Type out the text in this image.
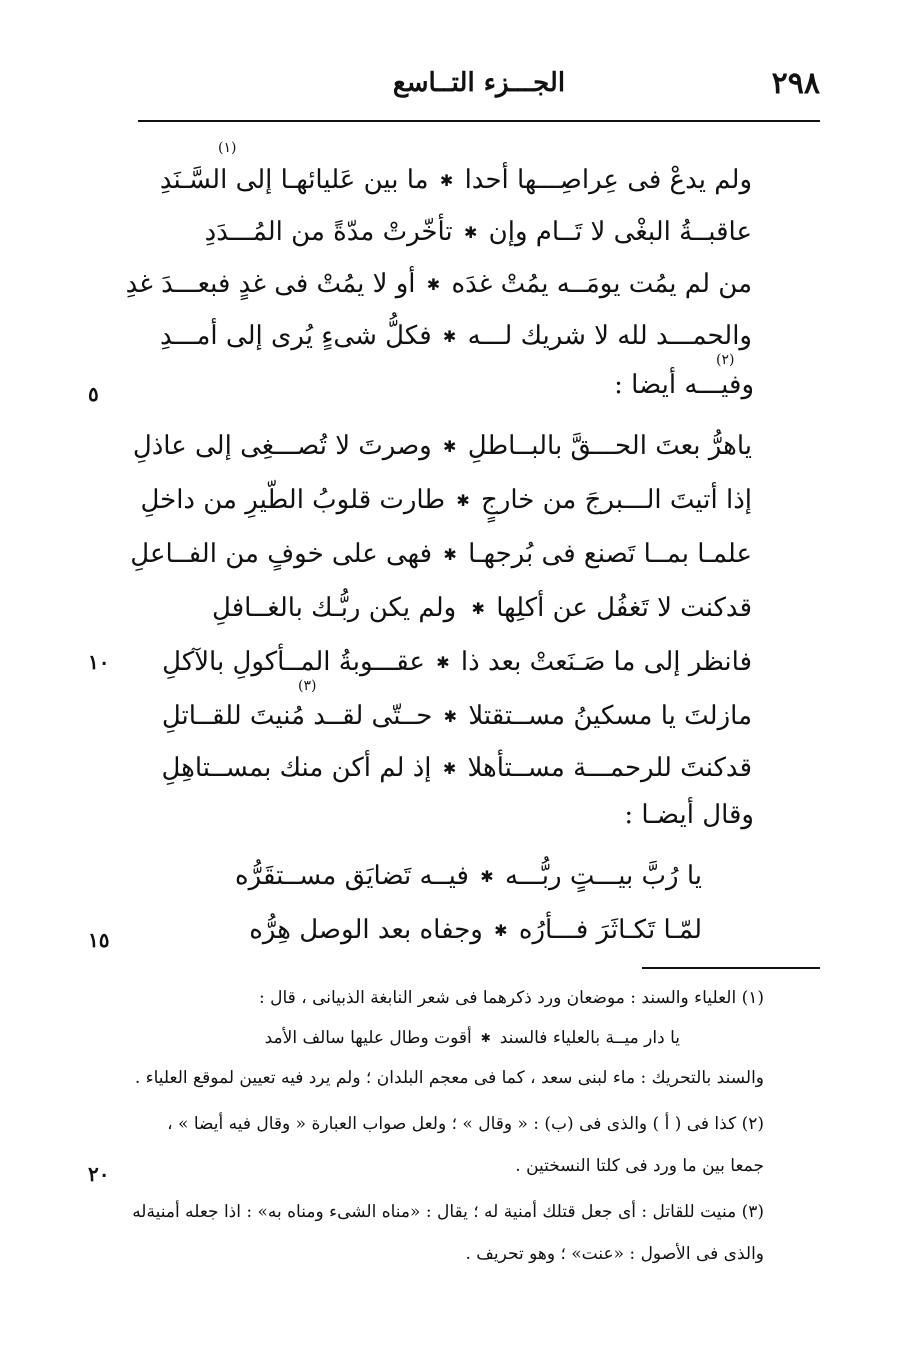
٢٩٨
الجـــزء التــاسع
(١)
ولم يدعْ فى عِراصِـــها أحدا
✱
ما بين عَليائهـا إلى السَّـنَدِ
عاقبــةُ البغْى لا تَــام وإن
✱
تأخّرتْ مدّةً من المُـــدَدِ
من لم يمُت يومَــه يمُتْ غدَه
✱
أو لا يمُتْ فى غدٍ فبعـــدَ غدِ
والحمـــد لله لا شريك لـــه
✱
فكلُّ شىءٍ يُرى إلى أمـــدِ
(٢)
وفيـــه أيضا :
ياهرُّ بعتَ الحـــقَّ بالبــاطلِ
✱
وصرتَ لا تُصـــغِى إلى عاذلِ
إذا أتيتَ الـــبرجَ من خارجٍ
✱
طارت قلوبُ الطّيرِ من داخلِ
علمـا بمــا تَصنع فى بُرجهـا
✱
فهى على خوفٍ من الفــاعلِ
قدكنت لا تَغفُل عن أكلِها
✱
ولم يكن ربُّـك بالغــافلِ
فانظر إلى ما صَـنَعتْ بعد ذا
✱
عقـــوبةُ المــأكولِ بالآكلِ
(٣)
مازلتَ يا مسكينُ مســتقتلا
✱
حــتّى لقــد مُنيتَ للقــاتلِ
قدكنتَ للرحمـــة مســتأهلا
✱
إذ لم أكن منك بمســتاهِلِ
وقال أيضـا :
يا رُبَّ بيـــتٍ ربُّـــه
✱
فيــه تَضايَق مســتقَرُّه
لمّـا تَكـاثَرَ فـــأرُه
✱
وجفاه بعد الوصل هِرُّه
٥
١٠
١٥
٢٠
(١) العلياء والسند : موضعان ورد ذكرهما فى شعر النابغة الذبيانى ، قال :
يا دار ميــة بالعلياء فالسند
✱
أقوت وطال عليها سالف الأمد
والسند بالتحريك : ماء لبنى سعد ، كما فى معجم البلدان ؛ ولم يرد فيه تعيين لموقع العلياء .
(٢) كذا فى ( أ ) والذى فى (ب) : « وقال » ؛ ولعل صواب العبارة « وقال فيه أيضا » ،
جمعا بين ما ورد فى كلتا النسختين .
(٣) منيت للقاتل : أى جعل قتلك أمنية له ؛ يقال : «مناه الشىء ومناه به» : اذا جعله أمنيةله
والذى فى الأصول : «عنت» ؛ وهو تحريف .
